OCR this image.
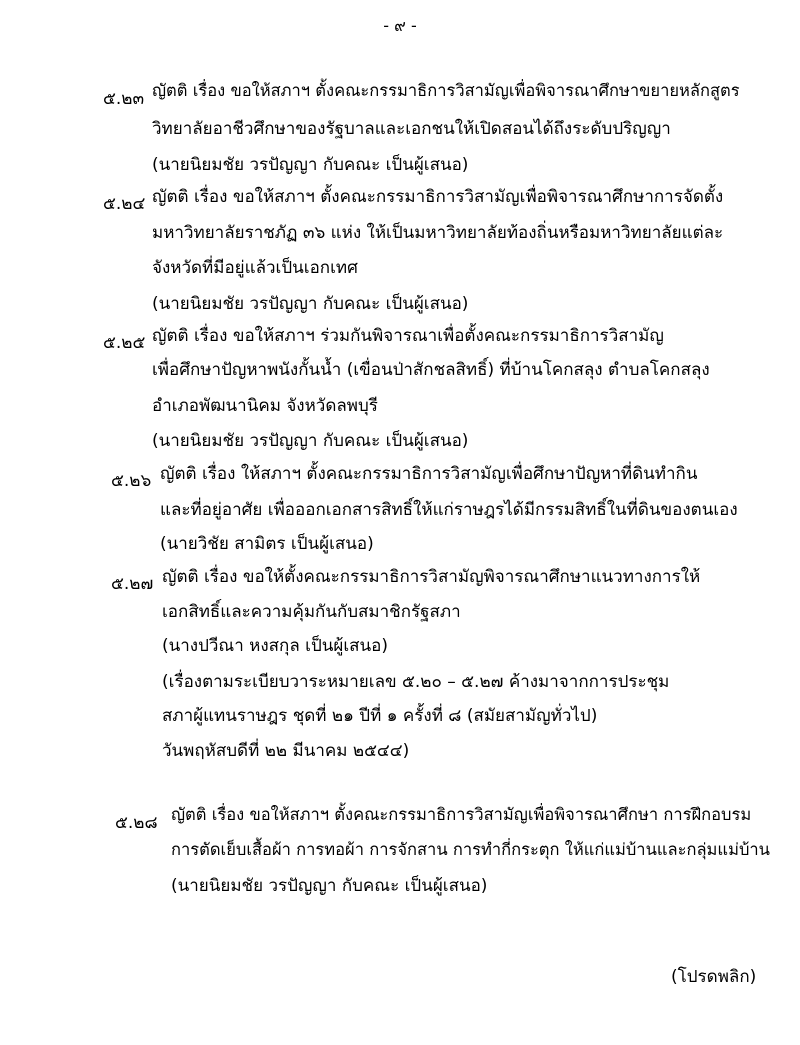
- ๙ -
๕.๒๓ ญัตติ เรื่อง ขอให้สภาฯ ตั้งคณะกรรมาธิการวิสามัญเพื่อพิจารณาศึกษาขยายหลักสูตร
วิทยาลัยอาชีวศึกษาของรัฐบาลและเอกชนให้เปิดสอนได้ถึงระดับปริญญา
(นายนิยมชัย วรปัญญา กับคณะ เป็นผู้เสนอ)
๕.๒๔ ญัตติ เรื่อง ขอให้สภาฯ ตั้งคณะกรรมาธิการวิสามัญเพื่อพิจารณาศึกษาการจัดตั้ง
มหาวิทยาลัยราชภัฏ ๓๖ แห่ง ให้เป็นมหาวิทยาลัยท้องถิ่นหรือมหาวิทยาลัยแต่ละ
จังหวัดที่มีอยู่แล้วเป็นเอกเทศ
(นายนิยมชัย วรปัญญา กับคณะ เป็นผู้เสนอ)
๕.๒๕ ญัตติ เรื่อง ขอให้สภาฯ ร่วมกันพิจารณาเพื่อตั้งคณะกรรมาธิการวิสามัญ
เพื่อศึกษาปัญหาพนังกั้นน้ำ (เขื่อนป่าสักชลสิทธิ์) ที่บ้านโคกสลุง ตำบลโคกสลุง
อำเภอพัฒนานิคม จังหวัดลพบุรี
(นายนิยมชัย วรปัญญา กับคณะ เป็นผู้เสนอ)
๕.๒๖ ญัตติ เรื่อง ให้สภาฯ ตั้งคณะกรรมาธิการวิสามัญเพื่อศึกษาปัญหาที่ดินทำกิน
และที่อยู่อาศัย เพื่อออกเอกสารสิทธิ์ให้แก่ราษฎรได้มีกรรมสิทธิ์ในที่ดินของตนเอง
(นายวิชัย สามิตร เป็นผู้เสนอ)
๕.๒๗ ญัตติ เรื่อง ขอให้ตั้งคณะกรรมาธิการวิสามัญพิจารณาศึกษาแนวทางการให้
เอกสิทธิ์และความคุ้มกันกับสมาชิกรัฐสภา
(นางปวีณา หงสกุล เป็นผู้เสนอ)
(เรื่องตามระเบียบวาระหมายเลข ๕.๒๐ – ๕.๒๗ ค้างมาจากการประชุม
สภาผู้แทนราษฎร ชุดที่ ๒๑ ปีที่ ๑ ครั้งที่ ๘ (สมัยสามัญทั่วไป)
วันพฤหัสบดีที่ ๒๒ มีนาคม ๒๕๔๔)
๕.๒๘ ญัตติ เรื่อง ขอให้สภาฯ ตั้งคณะกรรมาธิการวิสามัญเพื่อพิจารณาศึกษา การฝึกอบรม
การตัดเย็บเสื้อผ้า การทอผ้า การจักสาน การทำกี่กระตุก ให้แก่แม่บ้านและกลุ่มแม่บ้าน
(นายนิยมชัย วรปัญญา กับคณะ เป็นผู้เสนอ)
(โปรดพลิก)
